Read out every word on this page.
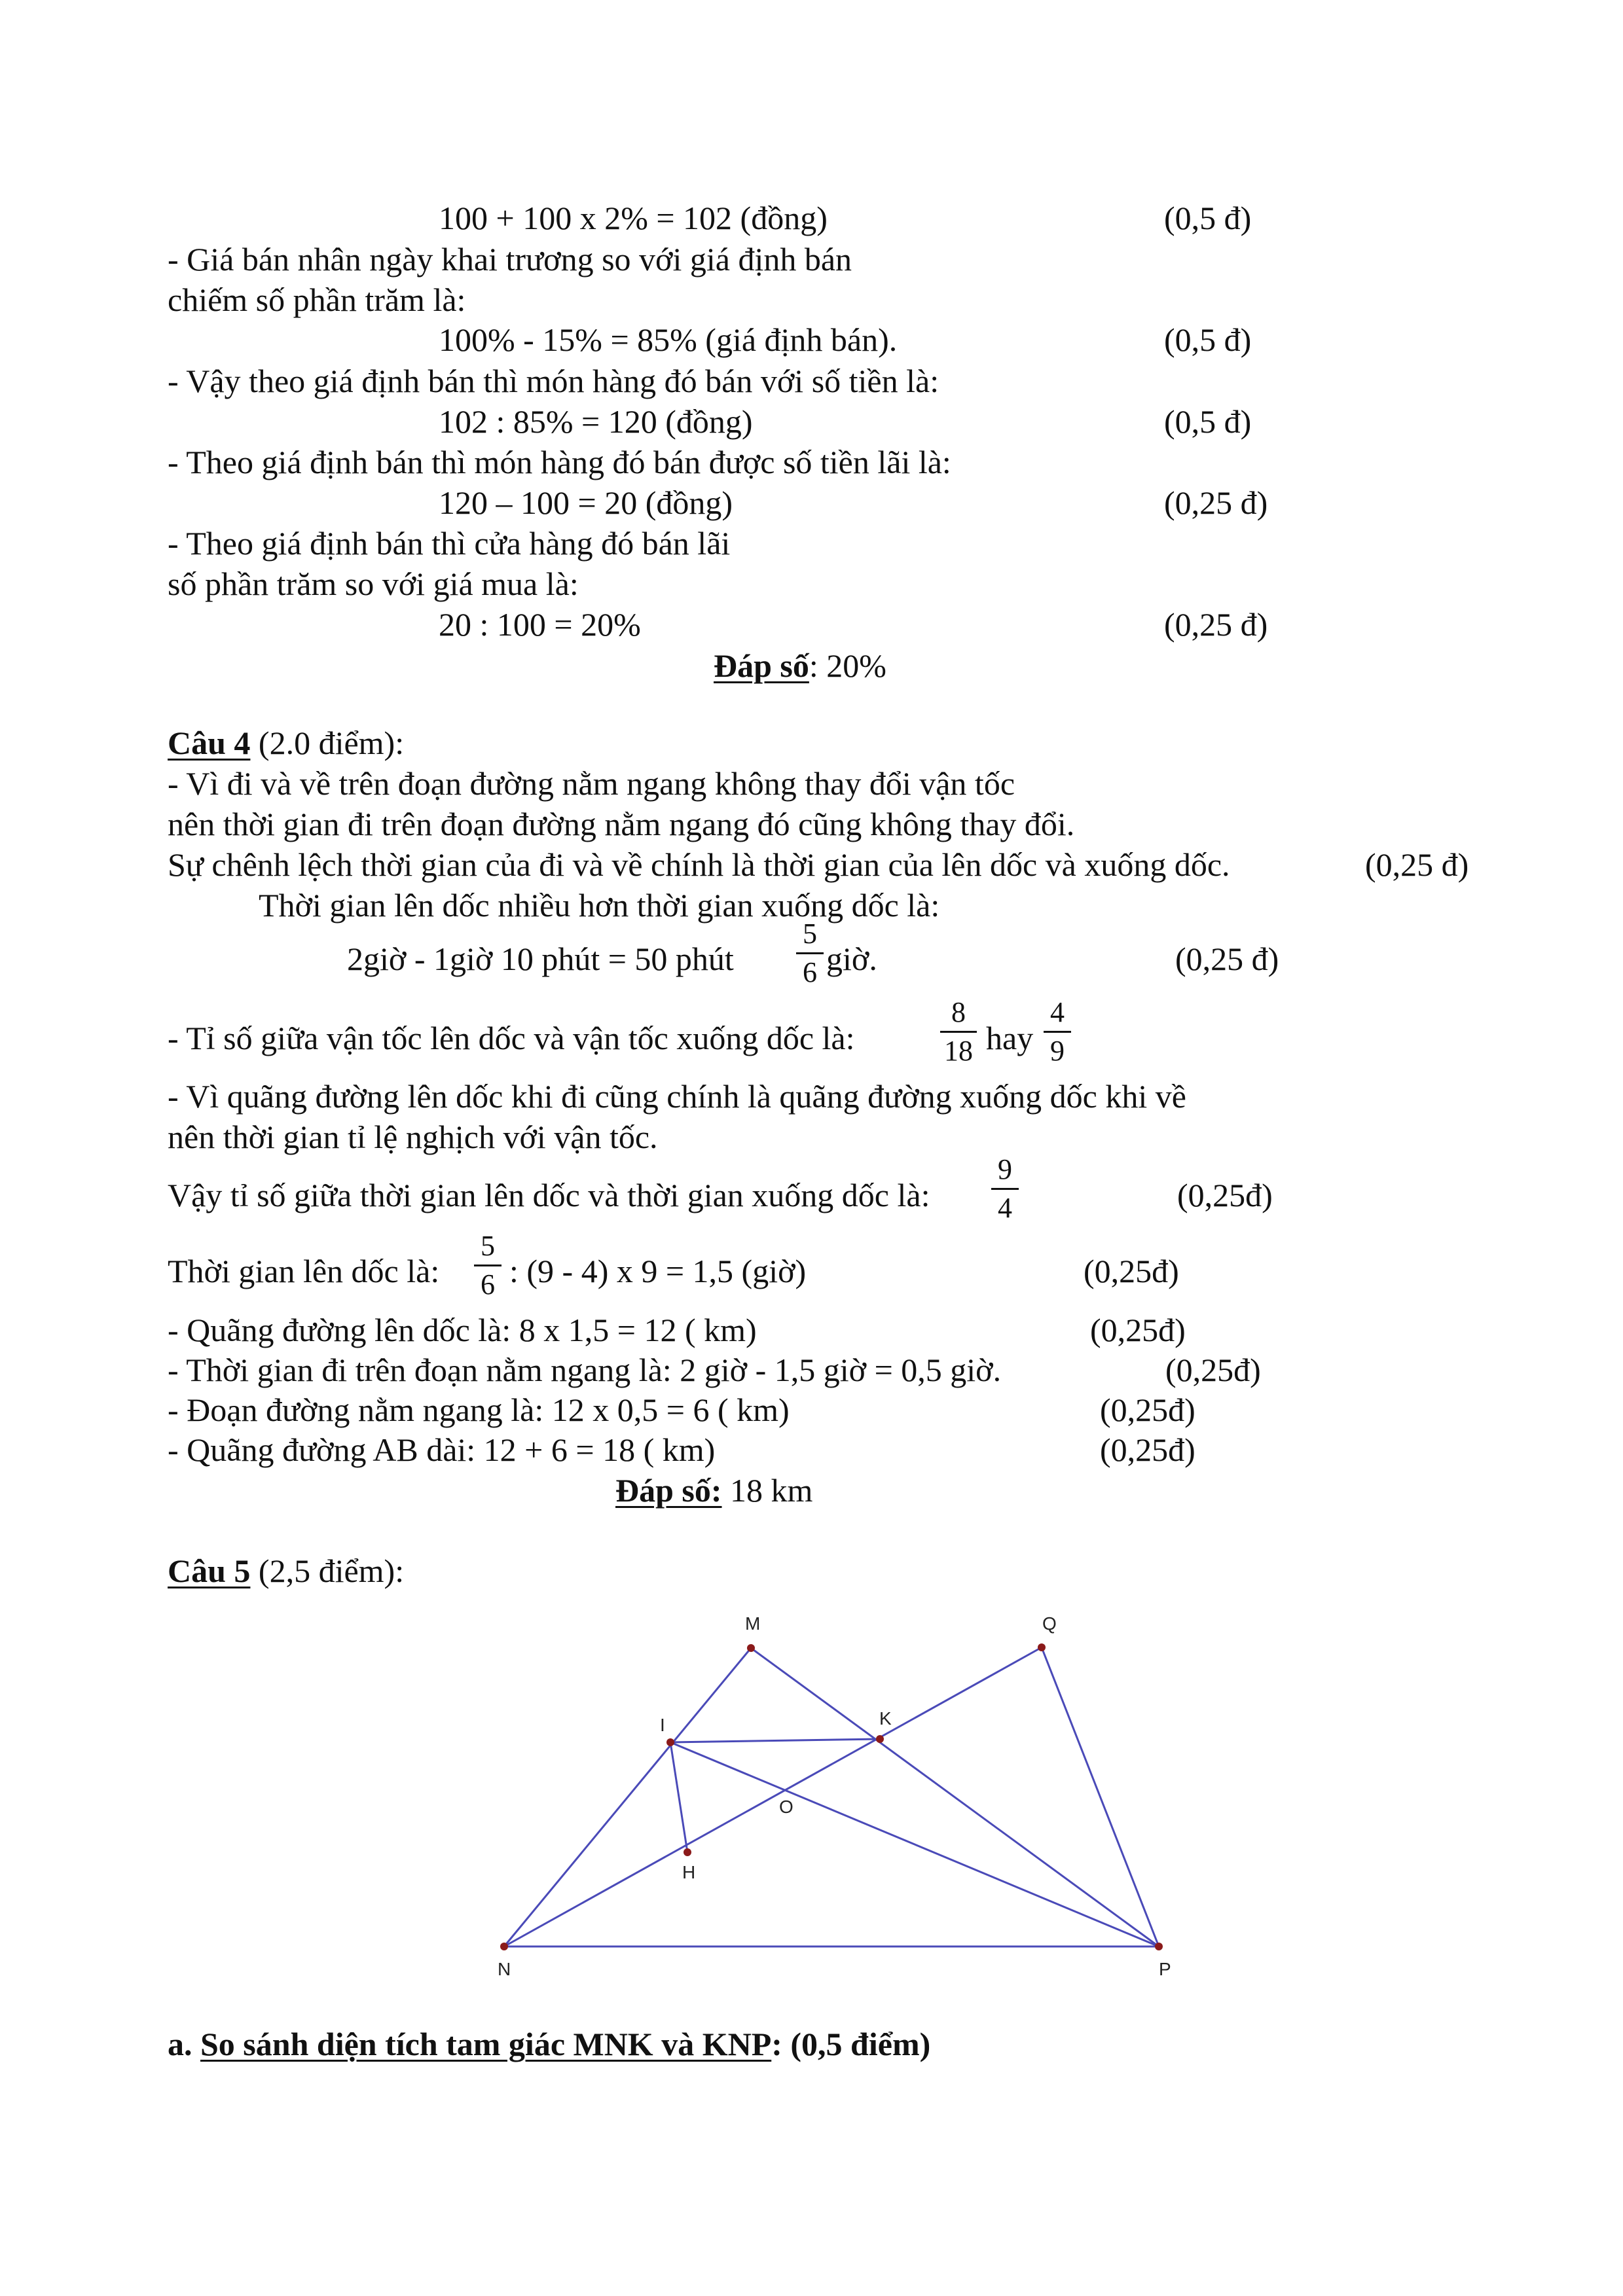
100 + 100 x 2% = 102 (đồng)	(0,5 đ)
- Giá bán nhân ngày khai trương so với giá định bán
chiếm số phần trăm là:
100% - 15% = 85% (giá định bán).	(0,5 đ)
- Vậy theo giá định bán thì món hàng đó bán với số tiền là:
102 : 85% = 120 (đồng)	(0,5 đ)
- Theo giá định bán thì món hàng đó bán được số tiền lãi là:
120 – 100 = 20 (đồng)	(0,25 đ)
- Theo giá định bán thì cửa hàng đó bán lãi
số phần trăm so với giá mua là:
20 : 100 = 20%	(0,25 đ)
Đáp số: 20%
Câu 4 (2.0 điểm):
- Vì đi và về trên đoạn đường nằm ngang không thay đổi vận tốc
nên thời gian đi trên đoạn đường nằm ngang đó cũng không thay đổi.
Sự chênh lệch thời gian của đi và về chính là thời gian của lên dốc và xuống dốc.	(0,25 đ)
Thời gian lên dốc nhiều hơn thời gian xuống dốc là:
2giờ - 1giờ 10 phút = 50 phút
5
6 giờ.	(0,25 đ)
- Tỉ số giữa vận tốc lên dốc và vận tốc xuống dốc là:
8
18 hay
4
9
- Vì quãng đường lên dốc khi đi cũng chính là quãng đường xuống dốc khi về
nên thời gian tỉ lệ nghịch với vận tốc.
Vậy tỉ số giữa thời gian lên dốc và thời gian xuống dốc là:
9
4	(0,25đ)
Thời gian lên dốc là:
5
6 : (9 - 4) x 9 = 1,5 (giờ)	(0,25đ)
- Quãng đường lên dốc là: 8 x 1,5 = 12 ( km)	(0,25đ)
- Thời gian đi trên đoạn nằm ngang là: 2 giờ - 1,5 giờ = 0,5 giờ.	(0,25đ)
- Đoạn đường nằm ngang là: 12 x 0,5 = 6 ( km)	(0,25đ)
- Quãng đường AB dài: 12 + 6 = 18 ( km)	(0,25đ)
Đáp số: 18 km
Câu 5 (2,5 điểm):
M	Q
I	K
O
H
N	P
a. So sánh diện tích tam giác MNK và KNP: (0,5 điểm)
